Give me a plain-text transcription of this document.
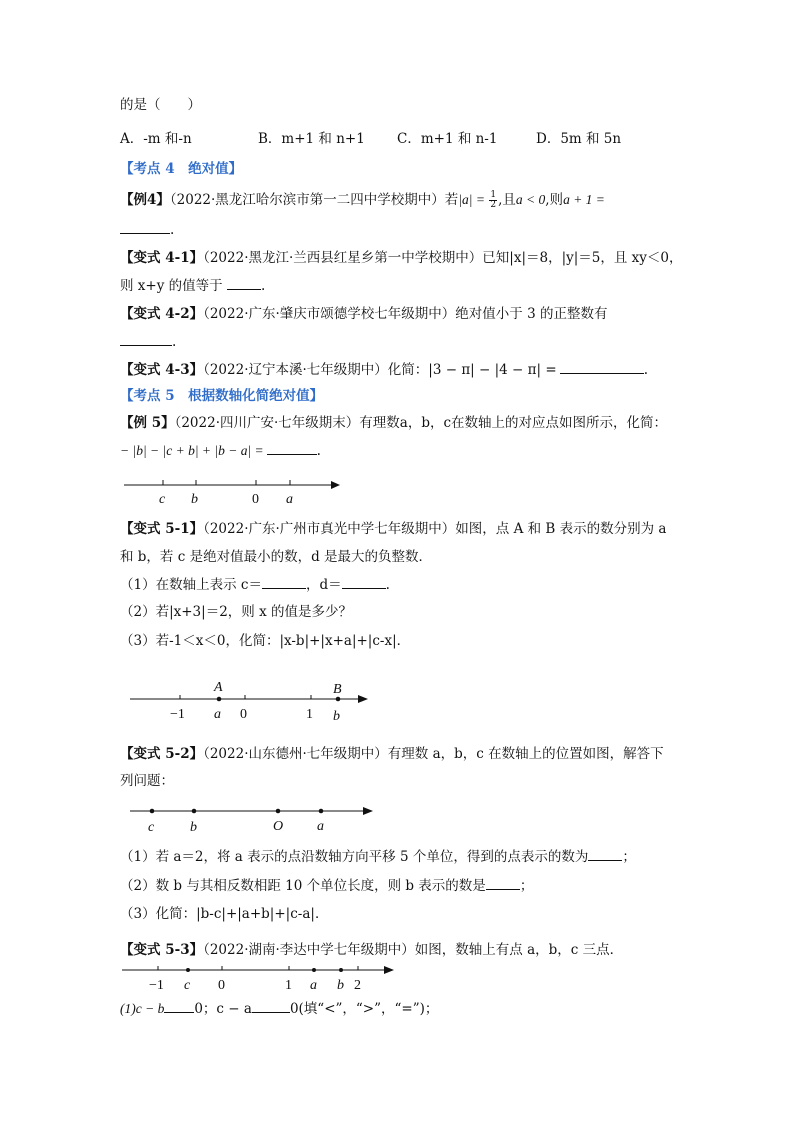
的是（　　）
A．-m 和-n	B．m+1 和 n+1 C．m+1 和 n-1	D．5m 和 5n
【考点 4　绝对值】
【例4】（2022·黑龙江哈尔滨市第一二四中学校期中）若$|a| = \frac{1}{2}$ ,且a < 0,则a + 1 =
.
【变式 4-1】（2022·黑龙江·兰西县红星乡第一中学校期中）已知|x|＝8，|y|＝5，且 xy＜0，
则 x+y 的值等于	.
【变式 4-2】（2022·广东·肇庆市颂德学校七年级期中）绝对值小于 3 的正整数有
.
【变式 4-3】（2022·辽宁本溪·七年级期中）化简：|3 − π| − |4 − π| =	.
【考点 5　根据数轴化简绝对值】
【例 5】（2022·四川广安·七年级期末）有理数a，b，c在数轴上的对应点如图所示，化简：
− |b| − |c + b| + |b − a| =	.
c b	0 a
【变式 5-1】（2022·广东·广州市真光中学七年级期中）如图，点 A 和 B 表示的数分别为 a
和 b，若 c 是绝对值最小的数，d 是最大的负整数．
（1）在数轴上表示 c＝	，d＝	.
（2）若|x+3|＝2，则 x 的值是多少？
（3）若-1＜x＜0，化简：|x-b|+|x+a|+|c-x|．
A	B
−1 a 0	1 b
【变式 5-2】（2022·山东德州·七年级期中）有理数 a，b，c 在数轴上的位置如图，解答下
列问题：
c	b	O a
（1）若 a＝2，将 a 表示的点沿数轴方向平移 5 个单位，得到的点表示的数为	；
（2）数 b 与其相反数相距 10 个单位长度，则 b 表示的数是	；
（3）化简：|b-c|+|a+b|+|c-a|．
【变式 5-3】（2022·湖南·李达中学七年级期中）如图，数轴上有点 a，b，c 三点．
−1 c 0	1 a b 2
(1)c − b 0；c − a	0(填“<”，“>”，“=”)；
